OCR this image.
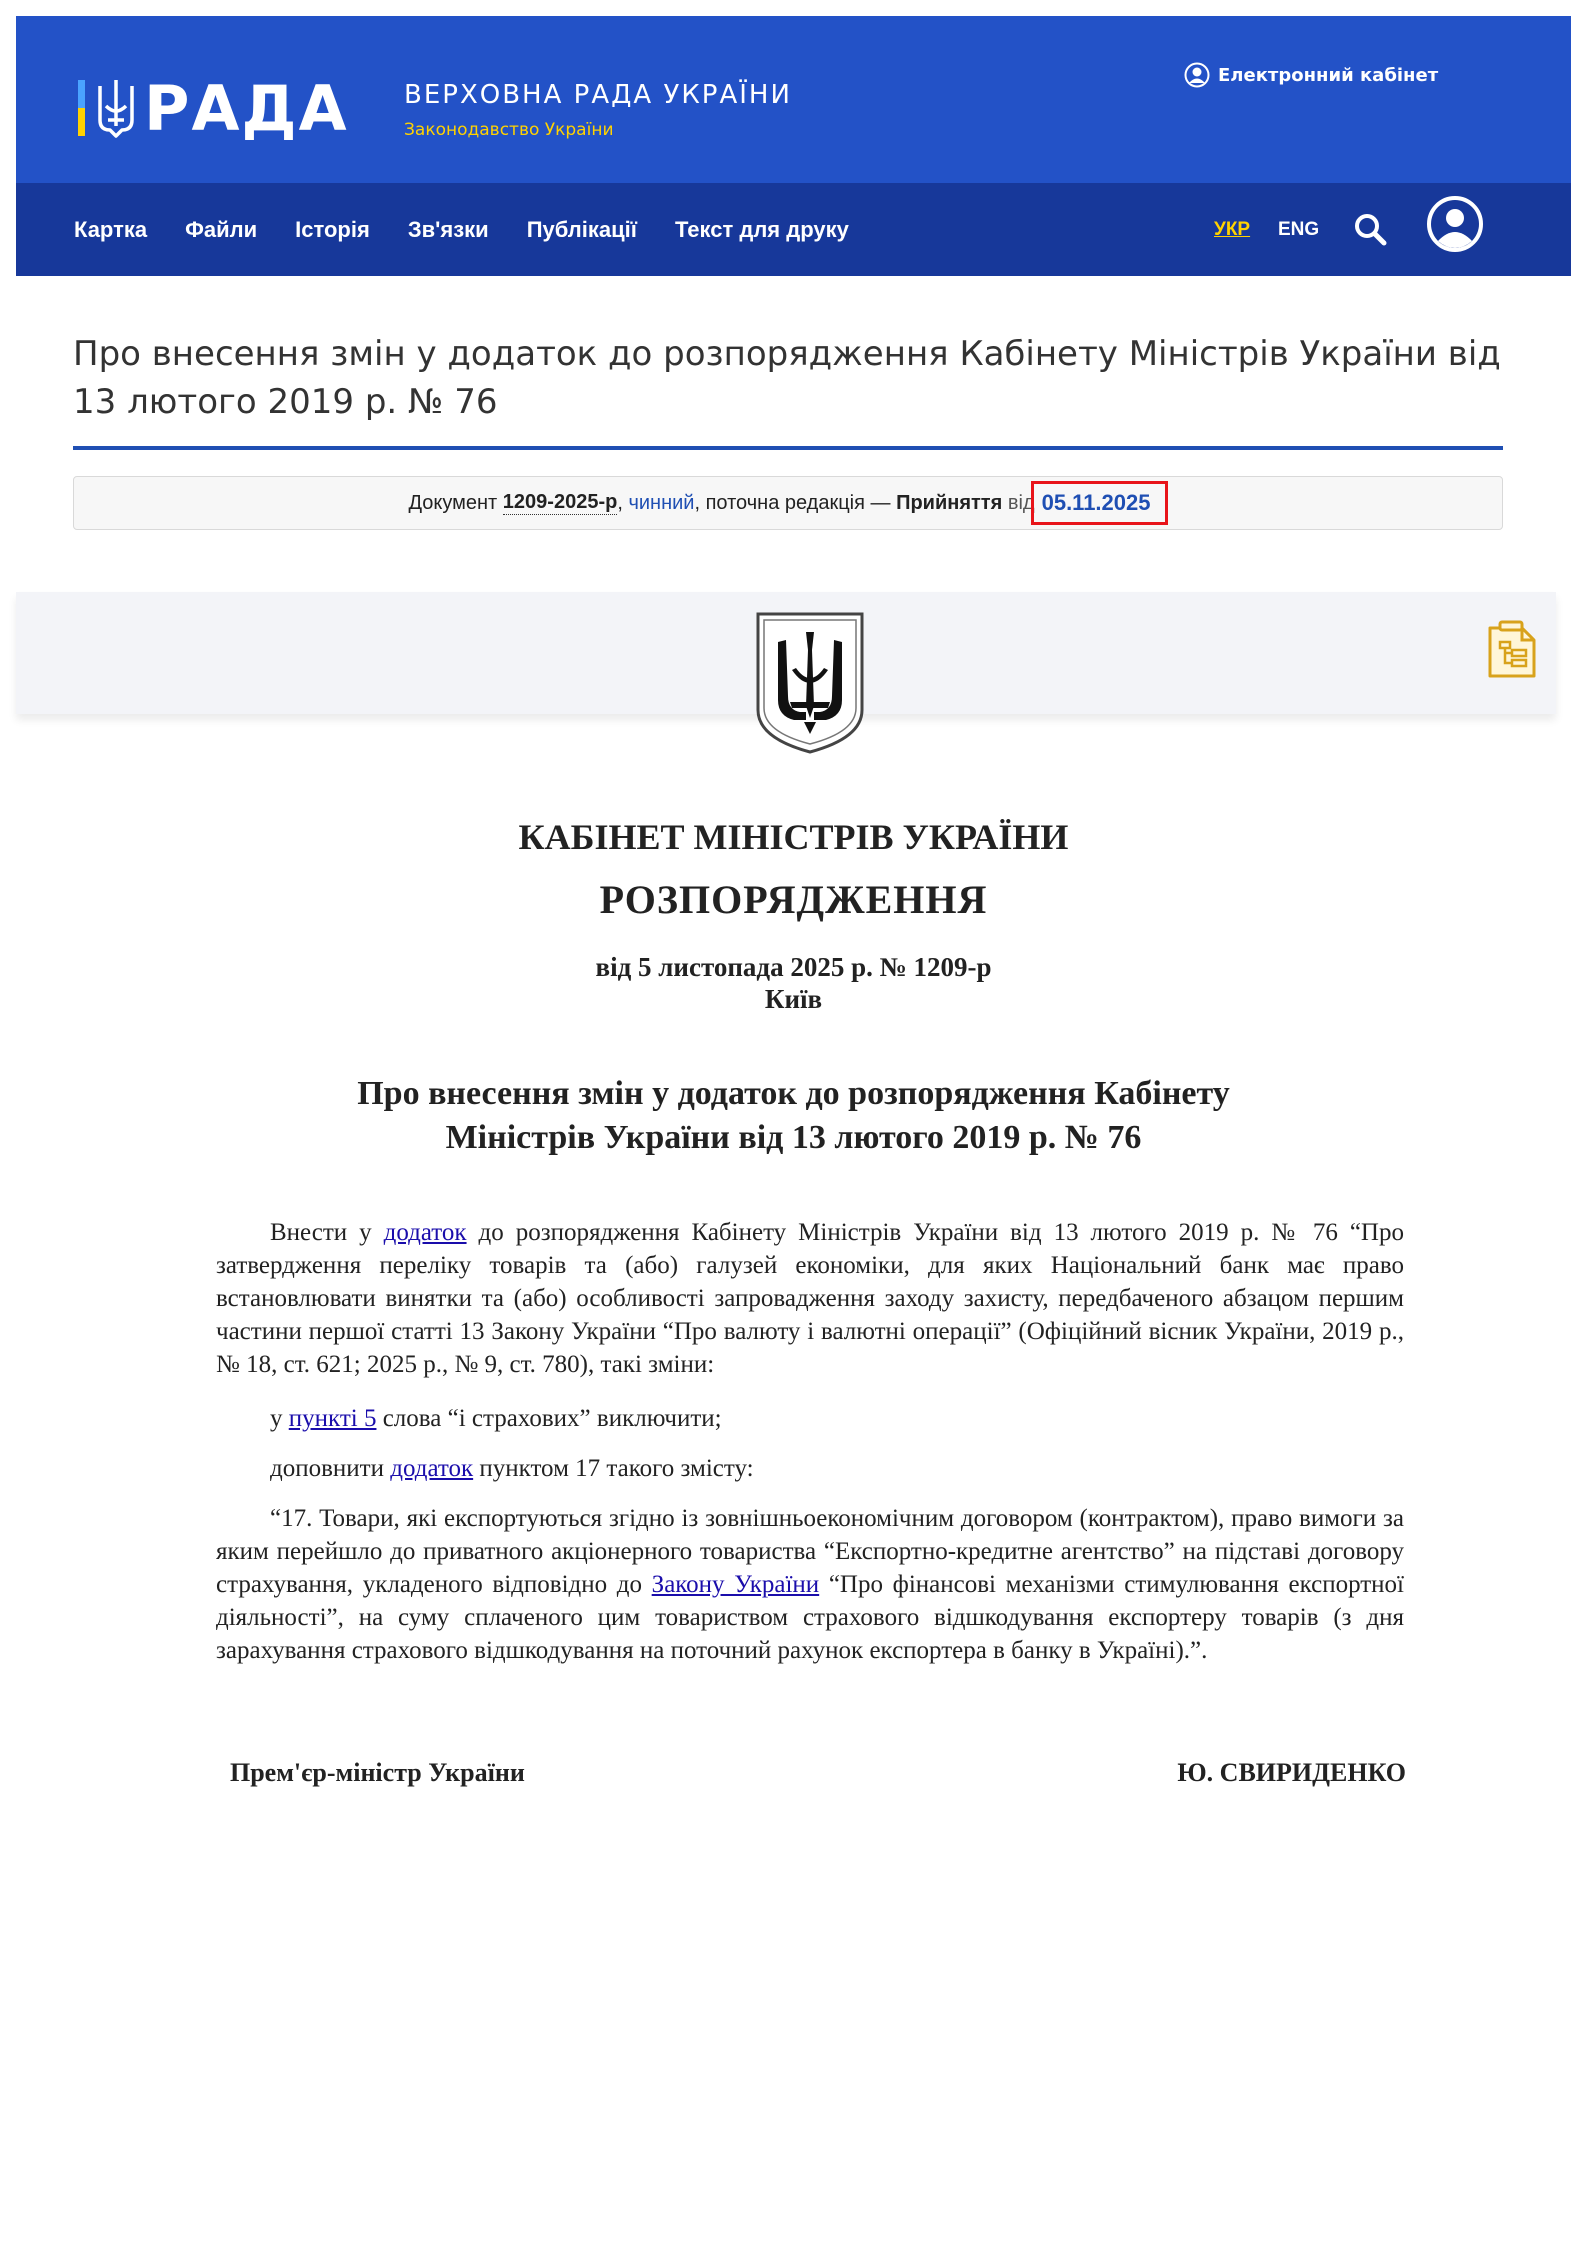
РАДА ВЕРХОВНА РАДА УКРАЇНИ
Законодавство України
Електронний кабінет
Картка Файли Історія Зв'язки Публікації Текст для друку	УКР ENG
Про внесення змін у додаток до розпорядження Кабінету Міністрів України від 13 лютого 2019 р. № 76
Документ
1209-2025-р , чинний , поточна редакція — Прийняття
від 05.11.2025
КАБІНЕТ МІНІСТРІВ УКРАЇНИ
РОЗПОРЯДЖЕННЯ
від 5 листопада 2025 р. № 1209-р
Київ
Про внесення змін у додаток до розпорядження Кабінету
Міністрів України від 13 лютого 2019 р. № 76
Внести у додаток до розпорядження Кабінету Міністрів України від 13 лютого 2019 р. № 76 “Про затвердження переліку товарів та (або) галузей економіки, для яких Національний банк має право встановлювати винятки та (або) особливості запровадження заходу захисту, передбаченого абзацом першим частини першої статті 13 Закону України “Про валюту і валютні операції” (Офіційний вісник України, 2019 р., № 18, ст. 621; 2025 р., № 9, ст. 780), такі зміни:
у пункті 5 слова “і страхових” виключити;
доповнити додаток пунктом 17 такого змісту:
“17. Товари, які експортуються згідно із зовнішньоекономічним договором (контрактом), право вимоги за яким перейшло до приватного акціонерного товариства “Експортно-кредитне агентство” на підставі договору страхування, укладеного відповідно до Закону України “Про фінансові механізми стимулювання експортної діяльності”, на суму сплаченого цим товариством страхового відшкодування експортеру товарів (з дня зарахування страхового відшкодування на поточний рахунок експортера в банку в Україні).”.
Прем'єр-міністр України	Ю. СВИРИДЕНКО
